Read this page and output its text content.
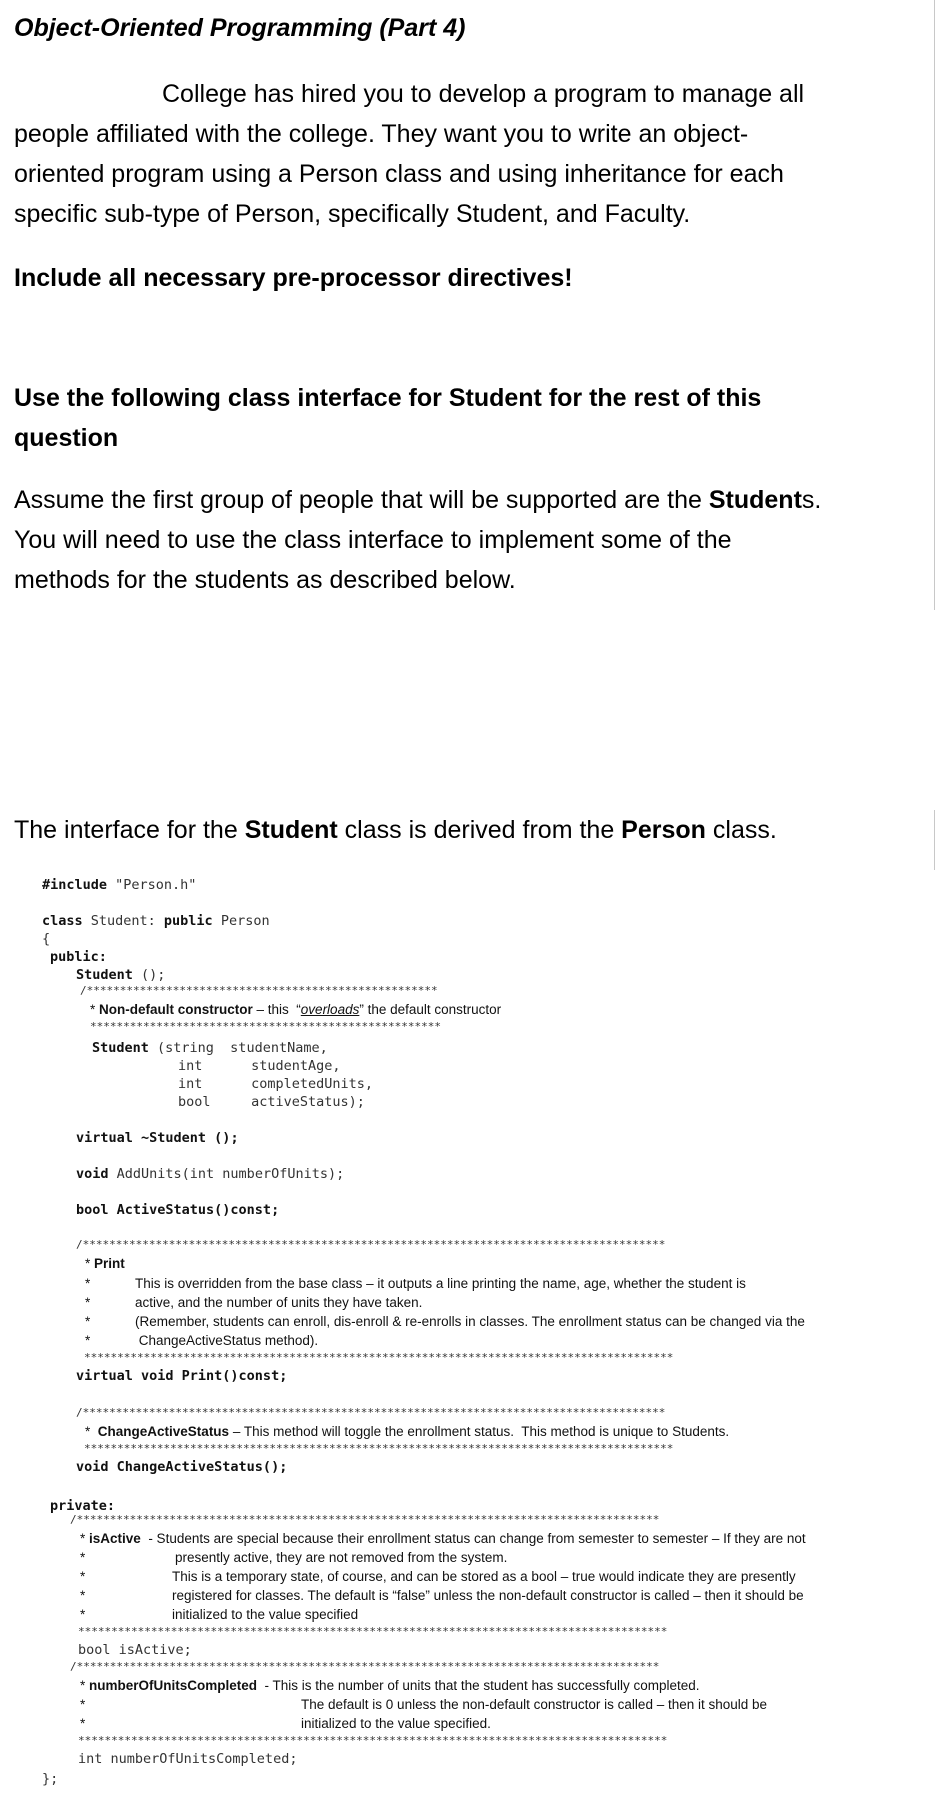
Object-Oriented Programming (Part 4)
College has hired you to develop a program to manage all
people affiliated with the college. They want you to write an object-
oriented program using a Person class and using inheritance for each
specific sub-type of Person, specifically Student, and Faculty.
Include all necessary pre-processor directives!
Use the following class interface for Student for the rest of this
question
Assume the first group of people that will be supported are the Students.
You will need to use the class interface to implement some of the
methods for the students as described below.
The interface for the Student class is derived from the Person class.
#include "Person.h"
class Student: public Person
{
public:
Student ();
/*****************************************************
* Non-default constructor – this  “overloads” the default constructor
*****************************************************
Student (string  studentName,
int      studentAge,
int      completedUnits,
bool     activeStatus);
virtual ~Student ();
void AddUnits(int numberOfUnits);
bool ActiveStatus()const;
/****************************************************************************************
* Print
*	This is overridden from the base class – it outputs a line printing the name, age, whether the student is
*	active, and the number of units they have taken.
*	(Remember, students can enroll, dis-enroll & re-enrolls in classes. The enrollment status can be changed via the
*	ChangeActiveStatus method).
*****************************************************************************************
virtual void Print()const;
/****************************************************************************************
* ChangeActiveStatus – This method will toggle the enrollment status.  This method is unique to Students.
*****************************************************************************************
void ChangeActiveStatus();
private:
/****************************************************************************************
* isActive  - Students are special because their enrollment status can change from semester to semester – If they are not
*	presently active, they are not removed from the system.
*	This is a temporary state, of course, and can be stored as a bool – true would indicate they are presently
*	registered for classes. The default is “false” unless the non-default constructor is called – then it should be
*	initialized to the value specified
*****************************************************************************************
bool isActive;
/****************************************************************************************
* numberOfUnitsCompleted  - This is the number of units that the student has successfully completed.
*	The default is 0 unless the non-default constructor is called – then it should be
*	initialized to the value specified.
*****************************************************************************************
int numberOfUnitsCompleted;
};
